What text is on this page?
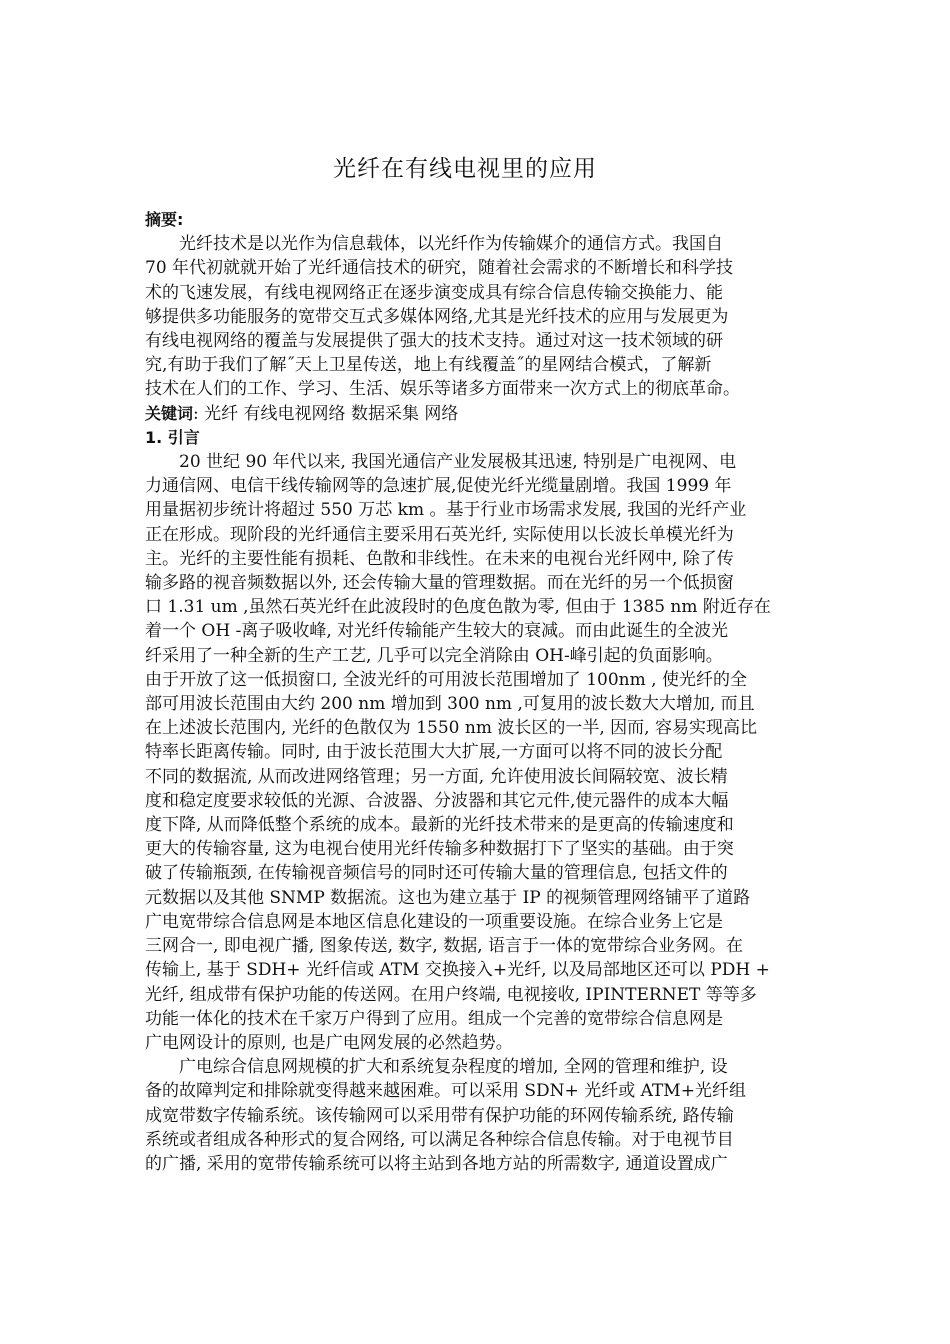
光纤在有线电视里的应用
摘要:
　　光纤技术是以光作为信息载体，以光纤作为传输媒介的通信方式。我国自
70 年代初就就开始了光纤通信技术的研究，随着社会需求的不断增长和科学技
术的飞速发展，有线电视网络正在逐步演变成具有综合信息传输交换能力、能
够提供多功能服务的宽带交互式多媒体网络,尤其是光纤技术的应用与发展更为
有线电视网络的覆盖与发展提供了强大的技术支持。通过对这一技术领域的研
究,有助于我们了解˝天上卫星传送，地上有线覆盖˝的星网结合模式，了解新
技术在人们的工作、学习、生活、娱乐等诸多方面带来一次方式上的彻底革命。
关键词: 光纤 有线电视网络 数据采集 网络
1. 引言
　　20 世纪 90 年代以来, 我国光通信产业发展极其迅速, 特别是广电视网、电
力通信网、电信干线传输网等的急速扩展,促使光纤光缆量剧增。我国 1999 年
用量据初步统计将超过 550 万芯 km 。基于行业市场需求发展, 我国的光纤产业
正在形成。现阶段的光纤通信主要采用石英光纤, 实际使用以长波长单模光纤为
主。光纤的主要性能有损耗、色散和非线性。在未来的电视台光纤网中, 除了传
输多路的视音频数据以外, 还会传输大量的管理数据。而在光纤的另一个低损窗
口 1.31 um ,虽然石英光纤在此波段时的色度色散为零, 但由于 1385 nm 附近存在
着一个 OH -离子吸收峰, 对光纤传输能产生较大的衰减。而由此诞生的全波光
纤采用了一种全新的生产工艺, 几乎可以完全消除由 OH-峰引起的负面影响。
由于开放了这一低损窗口, 全波光纤的可用波长范围增加了 100nm , 使光纤的全
部可用波长范围由大约 200 nm 增加到 300 nm ,可复用的波长数大大增加, 而且
在上述波长范围内, 光纤的色散仅为 1550 nm 波长区的一半, 因而, 容易实现高比
特率长距离传输。同时, 由于波长范围大大扩展,一方面可以将不同的波长分配
不同的数据流, 从而改进网络管理；另一方面, 允许使用波长间隔较宽、波长精
度和稳定度要求较低的光源、合波器、分波器和其它元件,使元器件的成本大幅
度下降, 从而降低整个系统的成本。最新的光纤技术带来的是更高的传输速度和
更大的传输容量, 这为电视台使用光纤传输多种数据打下了坚实的基础。由于突
破了传输瓶颈, 在传输视音频信号的同时还可传输大量的管理信息, 包括文件的
元数据以及其他 SNMP 数据流。这也为建立基于 IP 的视频管理网络铺平了道路
广电宽带综合信息网是本地区信息化建设的一项重要设施。在综合业务上它是
三网合一, 即电视广播, 图象传送, 数字, 数据, 语言于一体的宽带综合业务网。在
传输上, 基于 SDH+ 光纤信或 ATM 交换接入+光纤, 以及局部地区还可以 PDH +
光纤, 组成带有保护功能的传送网。在用户终端, 电视接收, IPINTERNET 等等多
功能一体化的技术在千家万户得到了应用。组成一个完善的宽带综合信息网是
广电网设计的原则, 也是广电网发展的必然趋势。
　　广电综合信息网规模的扩大和系统复杂程度的增加, 全网的管理和维护, 设
备的故障判定和排除就变得越来越困难。可以采用 SDN+ 光纤或 ATM+光纤组
成宽带数字传输系统。该传输网可以采用带有保护功能的环网传输系统, 路传输
系统或者组成各种形式的复合网络, 可以满足各种综合信息传输。对于电视节目
的广播, 采用的宽带传输系统可以将主站到各地方站的所需数字, 通道设置成广
